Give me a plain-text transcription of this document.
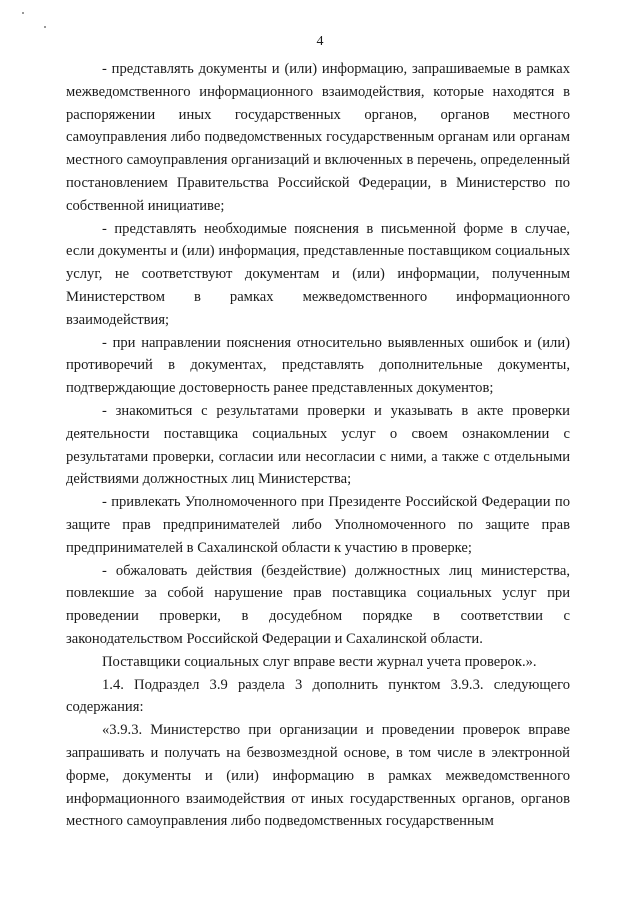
4

- представлять документы и (или) информацию, запрашиваемые в рамках межведомственного информационного взаимодействия, которые находятся в распоряжении иных государственных органов, органов местного самоуправления либо подведомственных государственным органам или органам местного самоуправления организаций и включенных в перечень, определенный постановлением Правительства Российской Федерации, в Министерство по собственной инициативе;

- представлять необходимые пояснения в письменной форме в случае, если документы и (или) информация, представленные поставщиком социальных услуг, не соответствуют документам и (или) информации, полученным Министерством в рамках межведомственного информационного взаимодействия;

- при направлении пояснения относительно выявленных ошибок и (или) противоречий в документах, представлять дополнительные документы, подтверждающие достоверность ранее представленных документов;

- знакомиться с результатами проверки и указывать в акте проверки деятельности поставщика социальных услуг о своем ознакомлении с результатами проверки, согласии или несогласии с ними, а также с отдельными действиями должностных лиц Министерства;

- привлекать Уполномоченного при Президенте Российской Федерации по защите прав предпринимателей либо Уполномоченного по защите прав предпринимателей в Сахалинской области к участию в проверке;

- обжаловать действия (бездействие) должностных лиц министерства, повлекшие за собой нарушение прав поставщика социальных услуг при проведении проверки, в досудебном порядке в соответствии с законодательством Российской Федерации и Сахалинской области.

Поставщики социальных слуг вправе вести журнал учета проверок.».

1.4. Подраздел 3.9 раздела 3 дополнить пунктом 3.9.3. следующего содержания:

«3.9.3. Министерство при организации и проведении проверок вправе запрашивать и получать на безвозмездной основе, в том числе в электронной форме, документы и (или) информацию в рамках межведомственного информационного взаимодействия от иных государственных органов, органов местного самоуправления либо подведомственных государственным
